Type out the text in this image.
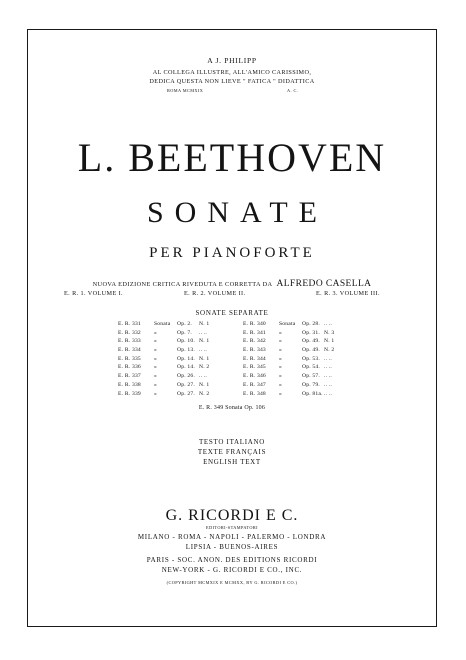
A J. PHILIPP
AL COLLEGA ILLUSTRE, ALL'AMICO CARISSIMO,
DEDICA QUESTA NON LIEVE " FATICA " DIDATTICA
ROMA MCMXIX	A. C.
L. BEETHOVEN
SONATE
PER PIANOFORTE
NUOVA EDIZIONE CRITICA RIVEDUTA E CORRETTA DA ALFREDO CASELLA
E. R. 1. VOLUME I.	E. R. 2. VOLUME II.	E. R. 3. VOLUME III.
SONATE SEPARATE
E. R. 331 Sonata Op. 2. N. 1
E. R. 332 »	Op. 7. .. ..
E. R. 333 »	Op. 10. N. 1
E. R. 334 »	Op. 13. .. ..
E. R. 335 »	Op. 14. N. 1
E. R. 336 »	Op. 14. N. 2
E. R. 337 »	Op. 26. .. ..
E. R. 338 »	Op. 27. N. 1
E. R. 339 »	Op. 27. N. 2
E. R. 340 Sonata Op. 28. .. ..
E. R. 341 »	Op. 31. N. 3
E. R. 342 »	Op. 49. N. 1
E. R. 343 »	Op. 49. N. 2
E. R. 344 »	Op. 53. .. ..
E. R. 345 »	Op. 54. .. ..
E. R. 346 »	Op. 57. .. ..
E. R. 347 »	Op. 79. .. ..
E. R. 348 »	Op. 81a... ..
E. R. 349 Sonata Op. 106
TESTO ITALIANO
TEXTE FRANÇAIS
ENGLISH TEXT
G. RICORDI E C.
EDITORI-STAMPATORI
MILANO - ROMA - NAPOLI - PALERMO - LONDRA
LIPSIA - BUENOS-AIRES
PARIS - SOC. ANON. DES EDITIONS RICORDI
NEW-YORK - G. RICORDI E CO., INC.
(COPYRIGHT MCMXIX E MCMXX, BY G. RICORDI E CO.)
